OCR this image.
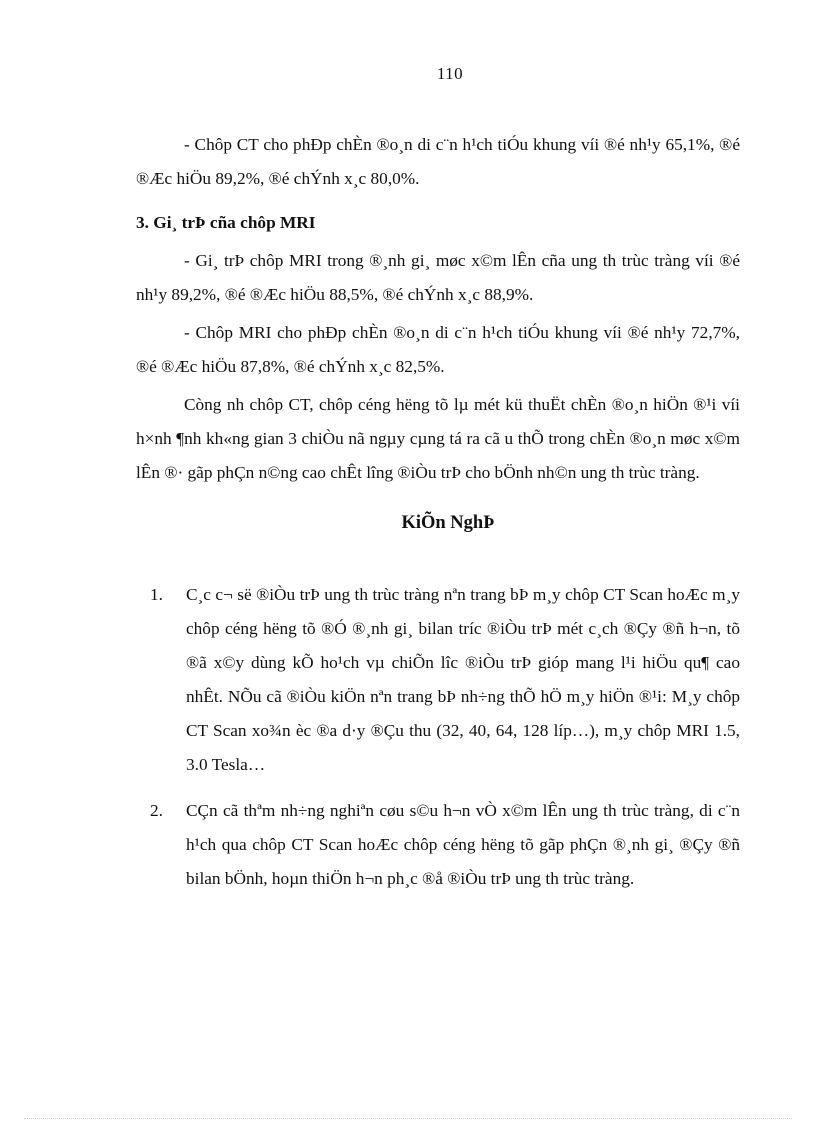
110

- Chôp CT cho phÐp chÈn ®o¸n di c¨n h¹ch tiÓu khung víi ®é nh¹y 65,1%, ®é ®Æc hiÖu 89,2%, ®é chÝnh x¸c 80,0%.

3. Gi¸ trÞ cña chôp MRI

- Gi¸ trÞ chôp MRI trong ®¸nh gi¸ møc x©m lÊn cña ung th trùc tràng víi ®é nh¹y 89,2%, ®é ®Æc hiÖu 88,5%, ®é chÝnh x¸c 88,9%.

- Chôp MRI cho phÐp chÈn ®o¸n di c¨n h¹ch tiÓu khung víi ®é nh¹y 72,7%, ®é ®Æc hiÖu 87,8%, ®é chÝnh x¸c 82,5%.

Còng nh chôp CT, chôp céng hëng tõ lµ mét kü thuËt chÈn ®o¸n hiÖn ®¹i víi h×nh ¶nh kh«ng gian 3 chiÒu nã ngµy cµng tá ra cã u thÕ trong chÈn ®o¸n møc x©m lÊn ®· gãp phÇn n©ng cao chÊt lîng ®iÒu trÞ cho bÖnh nh©n ung th trùc tràng.

KiÕn NghÞ

1. C¸c c¬ së ®iÒu trÞ ung th trùc tràng nªn trang bÞ m¸y chôp CT Scan hoÆc m¸y chôp céng hëng tõ ®Ó ®¸nh gi¸ bilan tríc ®iÒu trÞ mét c¸ch ®Çy ®ñ h¬n, tõ ®ã x©y dùng kÕ ho¹ch vµ chiÕn lîc ®iÒu trÞ gióp mang l¹i hiÖu qu¶ cao nhÊt. NÕu cã ®iÒu kiÖn nªn trang bÞ nh÷ng thÕ hÖ m¸y hiÖn ®¹i: M¸y chôp CT Scan xo¾n èc ®a d·y ®Çu thu (32, 40, 64, 128 líp…), m¸y chôp MRI 1.5, 3.0 Tesla…
2. CÇn cã thªm nh÷ng nghiªn cøu s©u h¬n vÒ x©m lÊn ung th trùc tràng, di c¨n h¹ch qua chôp CT Scan hoÆc chôp céng hëng tõ gãp phÇn ®¸nh gi¸ ®Çy ®ñ bilan bÖnh, hoµn thiÖn h¬n ph¸c ®å ®iÒu trÞ ung th trùc tràng.
